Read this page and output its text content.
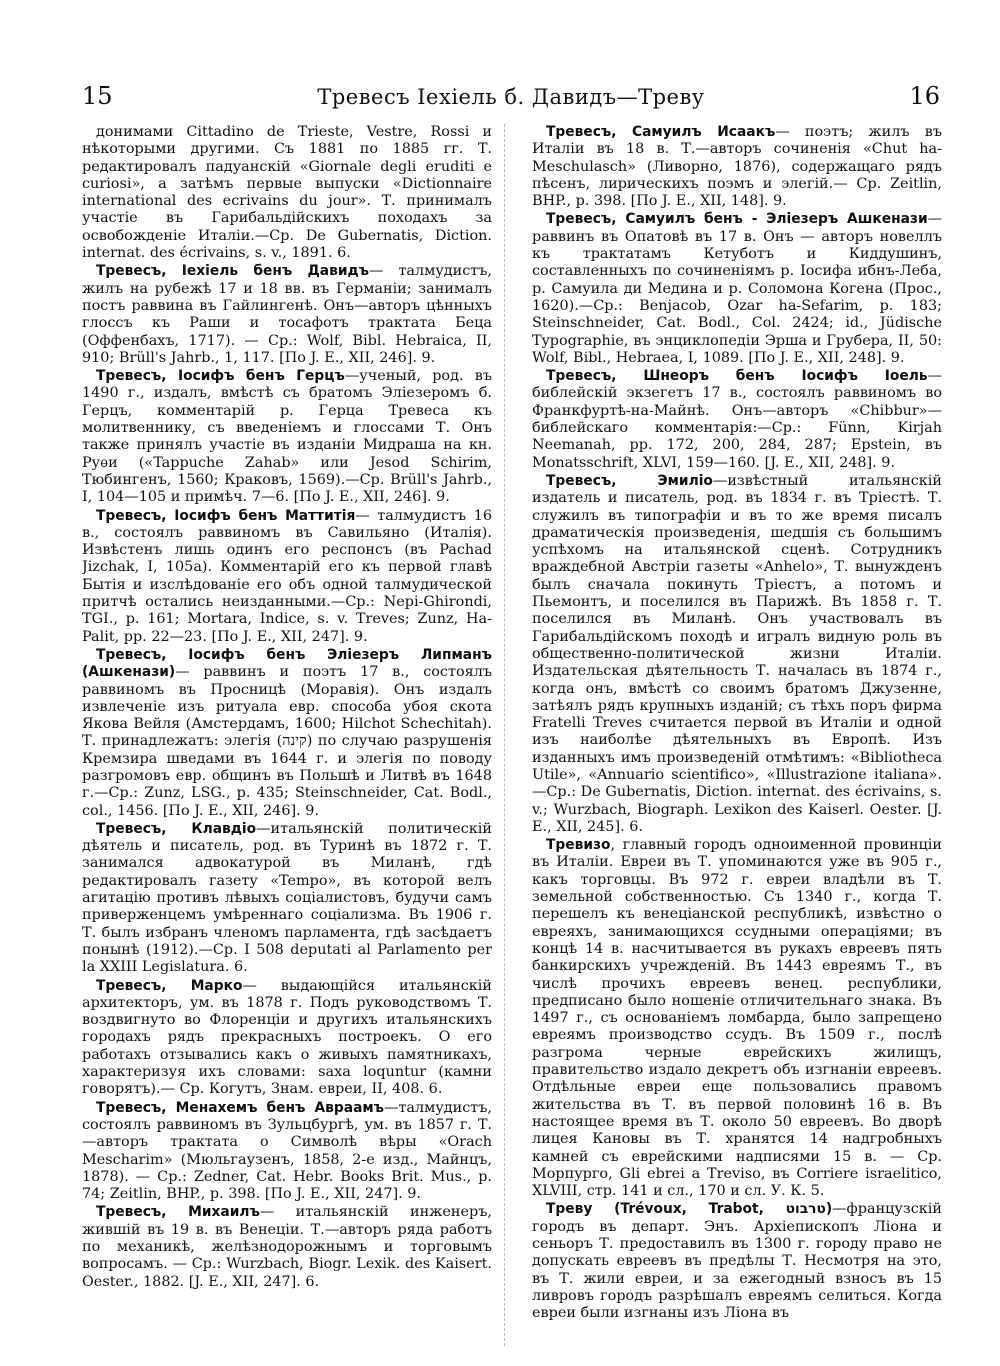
15	Тревесъ Іехіель б. Давидъ—Треву	16

донимами Cittadino de Trieste, Vestre, Rossi и нѣкоторыми другими. Съ 1881 по 1885 гг. Т. редактировалъ падуанскій «Giornale degli eruditi e curiosi», а затѣмъ первые выпуски «Dictionnaire international des ecrivains du jour». Т. принималъ участіе въ Гарибальдійскихъ походахъ за освобожденіе Италіи.—Ср. De Gubernatis, Diction. internat. des écrivains, s. v., 1891. 6.

Тревесъ, Іехіель бенъ Давидъ— талмудистъ, жилъ на рубежѣ 17 и 18 вв. въ Германіи; занималъ постъ раввина въ Гайлингенѣ. Онъ—авторъ цѣнныхъ глоссъ къ Раши и тосафотъ трактата Беца (Оффенбахъ, 1717). — Ср.: Wolf, Bibl. Hebraica, II, 910; Brüll's Jahrb., 1, 117. [По J. E., XII, 246]. 9.

Тревесъ, Іосифъ бенъ Герцъ—ученый, род. въ 1490 г., издалъ, вмѣстѣ съ братомъ Эліезеромъ б. Герцъ, комментарій р. Герца Тревеса къ молитвеннику, съ введеніемъ и глоссами Т. Онъ также принялъ участіе въ изданіи Мидраша на кн. Руѳи («Tappuche Zahab» или Jesod Schirim, Тюбингенъ, 1560; Краковъ, 1569).—Ср. Brüll's Jahrb., I, 104—105 и примѣч. 7—6. [По J. E., XII, 246]. 9.

Тревесъ, Іосифъ бенъ Маттитія— талмудистъ 16 в., состоялъ раввиномъ въ Савильяно (Италія). Извѣстенъ лишь одинъ его респонсъ (въ Pachad Jizchak, I, 105a). Комментарій его къ первой главѣ Бытія и изслѣдованіе его объ одной талмудической притчѣ остались неизданными.—Ср.: Nepi-Ghirondi, TGI., p. 161; Mortara, Indice, s. v. Treves; Zunz, Ha-Palit, pp. 22—23. [По J. E., XII, 247]. 9.

Тревесъ, Іосифъ бенъ Эліезеръ Липманъ (Ашкенази)— раввинъ и поэтъ 17 в., состоялъ раввиномъ въ Просницѣ (Моравія). Онъ издалъ извлеченіе изъ ритуала евр. способа убоя скота Якова Вейля (Амстердамъ, 1600; Hilchot Schechitah). Т. принадлежатъ: элегія (קינה) по случаю разрушенія Кремзира шведами въ 1644 г. и элегія по поводу разгромовъ евр. общинъ въ Польшѣ и Литвѣ въ 1648 г.—Ср.: Zunz, LSG., p. 435; Steinschneider, Cat. Bodl., col., 1456. [По J. E., XII, 246]. 9.

Тревесъ, Клавдіо—итальянскій политическій дѣятель и писатель, род. въ Туринѣ въ 1872 г. Т. занимался адвокатурой въ Миланѣ, гдѣ редактировалъ газету «Tempo», въ которой велъ агитацію противъ лѣвыхъ соціалистовъ, будучи самъ приверженцемъ умѣреннаго соціализма. Въ 1906 г. Т. былъ избранъ членомъ парламента, гдѣ засѣдаетъ понынѣ (1912).—Ср. I 508 deputati al Parlamento per la XXIII Legislatura. 6.

Тревесъ, Марко— выдающійся итальянскій архитекторъ, ум. въ 1878 г. Подъ руководствомъ Т. воздвигнуто во Флоренціи и другихъ итальянскихъ городахъ рядъ прекрасныхъ построекъ. О его работахъ отзывались какъ о живыхъ памятникахъ, характеризуя ихъ словами: saxa loquntur (камни говорятъ).— Ср. Когутъ, Знам. евреи, II, 408. 6.

Тревесъ, Менахемъ бенъ Авраамъ—талмудистъ, состоялъ раввиномъ въ Зульцбургѣ, ум. въ 1857 г. Т.—авторъ трактата о Символѣ вѣры «Orach Mescharim» (Мюльгаузенъ, 1858, 2-е изд., Майнцъ, 1878). — Ср.: Zedner, Cat. Hebr. Books Brit. Mus., p. 74; Zeitlin, BHP., p. 398. [По J. E., XII, 247]. 9.

Тревесъ, Михаилъ— итальянскій инженеръ, жившій въ 19 в. въ Венеціи. Т.—авторъ ряда работъ по механикѣ, желѣзнодорожнымъ и торговымъ вопросамъ. — Ср.: Wurzbach, Biogr. Lexik. des Kaisert. Oester., 1882. [J. E., XII, 247]. 6.

Тревесъ, Самуилъ Исаакъ— поэтъ; жилъ въ Италіи въ 18 в. Т.—авторъ сочиненія «Chut ha-Meschulasch» (Ливорно, 1876), содержащаго рядъ пѣсенъ, лирическихъ поэмъ и элегій.— Ср. Zeitlin, BHP., p. 398. [По J. E., XII, 148]. 9.

Тревесъ, Самуилъ бенъ - Эліезеръ Ашкенази— раввинъ въ Опатовѣ въ 17 в. Онъ — авторъ новеллъ къ трактатамъ Кетуботъ и Киддушинъ, составленныхъ по сочиненіямъ р. Іосифа ибнъ-Леба, р. Самуила ди Медина и р. Соломона Когена (Прос., 1620).—Ср.: Benjacob, Ozar ha-Sefarim, p. 183; Steinschneider, Cat. Bodl., Col. 2424; id., Jüdische Typographie, въ энциклопедіи Эрша и Грубера, II, 50: Wolf, Bibl., Hebraea, I, 1089. [По J. E., XII, 248]. 9.

Тревесъ, Шнеоръ бенъ Іосифъ Іоель— библейскій экзегетъ 17 в., состоялъ раввиномъ во Франкфуртѣ-на-Майнѣ. Онъ—авторъ «Chibbur»—библейскаго комментарія:—Ср.: Fünn, Kirjah Neemanah, pp. 172, 200, 284, 287; Epstein, въ Monatsschrift, XLVI, 159—160. [J. E., XII, 248]. 9.

Тревесъ, Эмиліо—извѣстный итальянскій издатель и писатель, род. въ 1834 г. въ Тріестѣ. Т. служилъ въ типографіи и въ то же время писалъ драматическія произведенія, шедшія съ большимъ успѣхомъ на итальянской сценѣ. Сотрудникъ враждебной Австріи газеты «Anhelo», Т. вынужденъ былъ сначала покинуть Тріестъ, а потомъ и Пьемонтъ, и поселился въ Парижѣ. Въ 1858 г. Т. поселился въ Миланѣ. Онъ участвовалъ въ Гарибальдійскомъ походѣ и игралъ видную роль въ общественно-политической жизни Италіи. Издательская дѣятельность Т. началась въ 1874 г., когда онъ, вмѣстѣ со своимъ братомъ Джузенне, затѣялъ рядъ крупныхъ изданій; съ тѣхъ поръ фирма Fratelli Treves считается первой въ Италіи и одной изъ наиболѣе дѣятельныхъ въ Европѣ. Изъ изданныхъ имъ произведеній отмѣтимъ: «Bibliotheca Utile», «Annuario scientifico», «Illustrazione italiana».—Ср.: De Gubernatis, Diction. internat. des écrivains, s. v.; Wurzbach, Biograph. Lexikon des Kaiserl. Oester. [J. E., XII, 245]. 6.

Тревизо, главный городъ одноименной провинціи въ Италіи. Евреи въ Т. упоминаются уже въ 905 г., какъ торговцы. Въ 972 г. евреи владѣли въ Т. земельной собственностью. Съ 1340 г., когда Т. перешелъ къ венеціанской республикѣ, извѣстно о евреяхъ, занимающихся ссудными операціями; въ концѣ 14 в. насчитывается въ рукахъ евреевъ пять банкирскихъ учрежденій. Въ 1443 евреямъ Т., въ числѣ прочихъ евреевъ венец. республики, предписано было ношеніе отличительнаго знака. Въ 1497 г., съ основаніемъ ломбарда, было запрещено евреямъ производство ссудъ. Въ 1509 г., послѣ разгрома черные еврейскихъ жилищъ, правительство издало декретъ объ изгнаніи евреевъ. Отдѣльные евреи еще пользовались правомъ жительства въ Т. въ первой половинѣ 16 в. Въ настоящее время въ Т. около 50 евреевъ. Во дворѣ лицея Кановы въ Т. хранятся 14 надгробныхъ камней съ еврейскими надписями 15 в. — Ср. Морпурго, Gli ebrei a Treviso, въ Corriere israelitico, XLVIII, стр. 141 и сл., 170 и сл. У. К. 5.

Треву (Trévoux, Trabot, טרבוט)—французскій городъ въ департ. Энъ. Архіепископъ Ліона и сеньоръ Т. предоставилъ въ 1300 г. городу право не допускать евреевъ въ предѣлы Т. Несмотря на это, въ Т. жили евреи, и за ежегодный взносъ въ 15 ливровъ городъ разрѣшалъ евреямъ селиться. Когда евреи были изгнаны изъ Ліона въ
